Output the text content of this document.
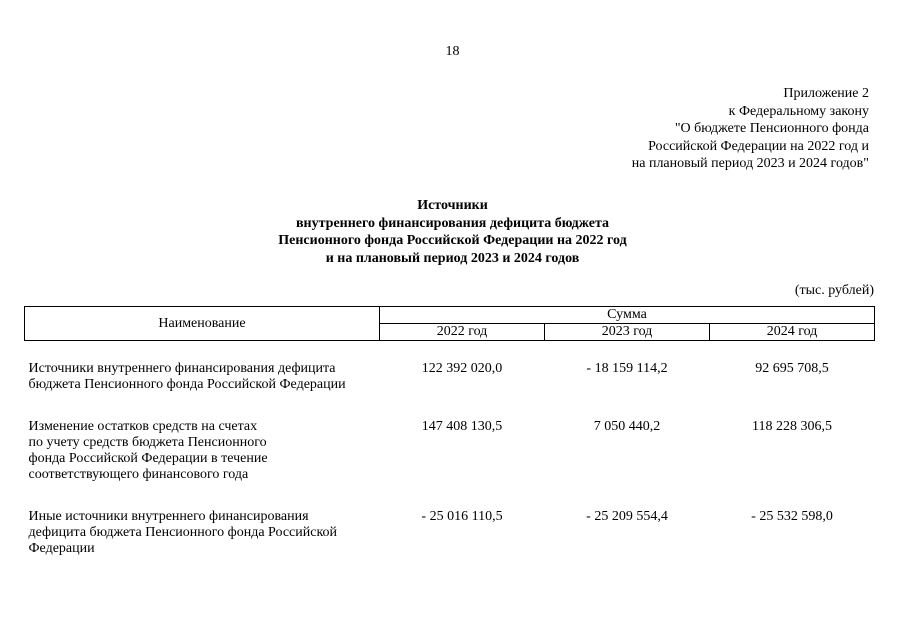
18
Приложение 2
к Федеральному закону
"О бюджете Пенсионного фонда
Российской Федерации на 2022 год и
на плановый период 2023 и 2024 годов"
Источники
внутреннего финансирования дефицита бюджета
Пенсионного фонда Российской Федерации на 2022 год
и на плановый период 2023 и 2024 годов
(тыс. рублей)
Наименование	Сумма		
	2022 год	2023 год	2024 год

Источники внутреннего финансирования дефицита
бюджета Пенсионного фонда Российской Федерации	122 392 020,0	- 18 159 114,2	92 695 708,5

Изменение остатков средств на счетах
по учету средств бюджета Пенсионного
фонда Российской Федерации в течение
соответствующего финансового года	147 408 130,5	7 050 440,2	118 228 306,5

Иные источники внутреннего финансирования
дефицита бюджета Пенсионного фонда Российской
Федерации	- 25 016 110,5	- 25 209 554,4	- 25 532 598,0
